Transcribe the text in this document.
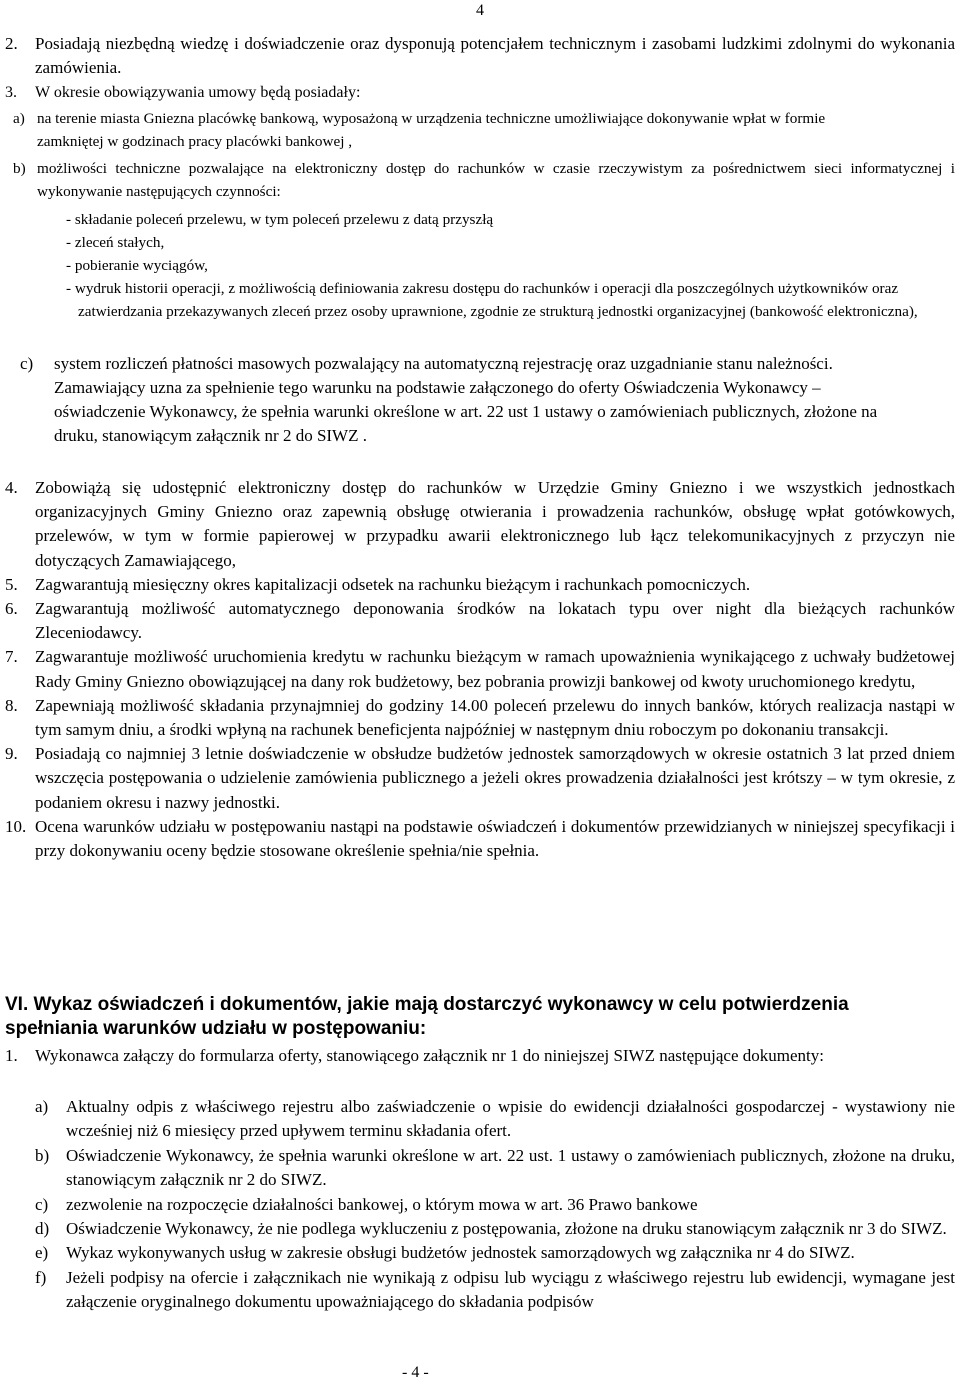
4
2.	Posiadają niezbędną wiedzę i doświadczenie oraz dysponują potencjałem technicznym i zasobami ludzkimi zdolnymi do wykonania zamówienia.
3.	W okresie obowiązywania umowy będą posiadały:
a) na terenie miasta Gniezna placówkę bankową, wyposażoną w urządzenia techniczne umożliwiające dokonywanie wpłat w formie zamkniętej w godzinach pracy placówki bankowej ,
b) możliwości techniczne pozwalające na elektroniczny dostęp do rachunków w czasie rzeczywistym za pośrednictwem sieci informatycznej i wykonywanie następujących czynności:
- składanie poleceń przelewu, w tym poleceń przelewu z datą przyszłą
- zleceń stałych,
- pobieranie wyciągów,
- wydruk historii operacji, z możliwością definiowania zakresu dostępu do rachunków i operacji dla poszczególnych użytkowników oraz zatwierdzania przekazywanych zleceń przez osoby uprawnione, zgodnie ze strukturą jednostki organizacyjnej (bankowość elektroniczna),
c)	system rozliczeń płatności masowych pozwalający na automatyczną rejestrację oraz uzgadnianie stanu należności. Zamawiający uzna za spełnienie tego warunku na podstawie załączonego do oferty Oświadczenia Wykonawcy – oświadczenie Wykonawcy, że spełnia warunki określone w art. 22 ust 1 ustawy o zamówieniach publicznych, złożone na druku, stanowiącym załącznik nr 2 do SIWZ .
4.	Zobowiążą się udostępnić elektroniczny dostęp do rachunków w Urzędzie Gminy Gniezno i we wszystkich jednostkach organizacyjnych Gminy Gniezno oraz zapewnią obsługę otwierania i prowadzenia rachunków, obsługę wpłat gotówkowych, przelewów, w tym w formie papierowej w przypadku awarii elektronicznego lub łącz telekomunikacyjnych z przyczyn nie dotyczących Zamawiającego,
5.	Zagwarantują miesięczny okres kapitalizacji odsetek na rachunku bieżącym i rachunkach pomocniczych.
6.	Zagwarantują możliwość automatycznego deponowania środków na lokatach typu over night dla bieżących rachunków Zleceniodawcy.
7.	Zagwarantuje możliwość uruchomienia kredytu w rachunku bieżącym w ramach upoważnienia wynikającego z uchwały budżetowej Rady Gminy Gniezno obowiązującej na dany rok budżetowy, bez pobrania prowizji bankowej od kwoty uruchomionego kredytu,
8.	Zapewniają możliwość składania przynajmniej do godziny 14.00 poleceń przelewu do innych banków, których realizacja nastąpi w tym samym dniu, a środki wpłyną na rachunek beneficjenta najpóźniej w następnym dniu roboczym po dokonaniu transakcji.
9.	Posiadają co najmniej 3 letnie doświadczenie w obsłudze budżetów jednostek samorządowych w okresie ostatnich 3 lat przed dniem wszczęcia postępowania o udzielenie zamówienia publicznego a jeżeli okres prowadzenia działalności jest krótszy – w tym okresie, z podaniem okresu i nazwy jednostki.
10. Ocena warunków udziału w postępowaniu nastąpi na podstawie oświadczeń i dokumentów przewidzianych w niniejszej specyfikacji i przy dokonywaniu oceny będzie stosowane określenie spełnia/nie spełnia.
VI. Wykaz oświadczeń i dokumentów, jakie mają dostarczyć wykonawcy w celu potwierdzenia spełniania warunków udziału w postępowaniu:
1.	Wykonawca załączy do formularza oferty, stanowiącego załącznik nr 1 do niniejszej SIWZ następujące dokumenty:
a)	Aktualny odpis z właściwego rejestru albo zaświadczenie o wpisie do ewidencji działalności gospodarczej - wystawiony nie wcześniej niż 6 miesięcy przed upływem terminu składania ofert.
b) Oświadczenie Wykonawcy, że spełnia warunki określone w art. 22 ust. 1 ustawy o zamówieniach publicznych, złożone na druku, stanowiącym załącznik nr 2 do SIWZ.
c)	zezwolenie na rozpoczęcie działalności bankowej, o którym mowa w art. 36 Prawo bankowe
d) Oświadczenie Wykonawcy, że nie podlega wykluczeniu z postępowania, złożone na druku stanowiącym załącznik nr 3 do SIWZ.
e)	Wykaz wykonywanych usług w zakresie obsługi budżetów jednostek samorządowych wg załącznika nr 4 do SIWZ.
f)	Jeżeli podpisy na ofercie i załącznikach nie wynikają z odpisu lub wyciągu z właściwego rejestru lub ewidencji, wymagane jest załączenie oryginalnego dokumentu upoważniającego do składania podpisów
- 4 -
